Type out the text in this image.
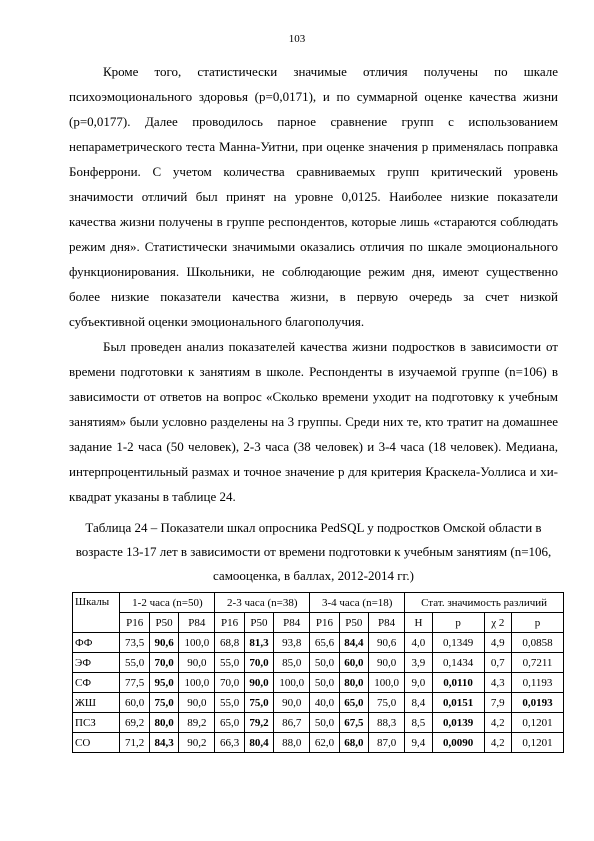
103

Кроме того, статистически значимые отличия получены по шкале психоэмоционального здоровья (р=0,0171), и по суммарной оценке качества жизни (р=0,0177). Далее проводилось парное сравнение групп с использованием непараметрического теста Манна-Уитни, при оценке значения р применялась поправка Бонферрони. С учетом количества сравниваемых групп критический уровень значимости отличий был принят на уровне 0,0125. Наиболее низкие показатели качества жизни получены в группе респондентов, которые лишь «стараются соблюдать режим дня». Статистически значимыми оказались отличия по шкале эмоционального функционирования. Школьники, не соблюдающие режим дня, имеют существенно более низкие показатели качества жизни, в первую очередь за счет низкой субъективной оценки эмоционального благополучия.

Был проведен анализ показателей качества жизни подростков в зависимости от времени подготовки к занятиям в школе. Респонденты в изучаемой группе (n=106) в зависимости от ответов на вопрос «Сколько времени уходит на подготовку к учебным занятиям» были условно разделены на 3 группы. Среди них те, кто тратит на домашнее задание 1-2 часа (50 человек), 2-3 часа (38 человек) и 3-4 часа (18 человек). Медиана, интерпроцентильный размах и точное значение р для критерия Краскела-Уоллиса и хи-квадрат указаны в таблице 24.

Таблица 24 – Показатели шкал опросника PedSQL у подростков Омской области в возрасте 13-17 лет в зависимости от времени подготовки к учебным занятиям (n=106, самооценка, в баллах, 2012-2014 гг.)

Шкалы	1-2 часа (n=50)			2-3 часа (n=38)			3-4 часа (n=18)			Стат. значимость различий			
	P16	P50	P84	P16	P50	P84	P16	P50	P84	H	p	χ 2	p
ФФ	73,5	90,6	100,0	68,8	81,3	93,8	65,6	84,4	90,6	4,0	0,1349	4,9	0,0858
ЭФ	55,0	70,0	90,0	55,0	70,0	85,0	50,0	60,0	90,0	3,9	0,1434	0,7	0,7211
СФ	77,5	95,0	100,0	70,0	90,0	100,0	50,0	80,0	100,0	9,0	0,0110	4,3	0,1193
ЖШ	60,0	75,0	90,0	55,0	75,0	90,0	40,0	65,0	75,0	8,4	0,0151	7,9	0,0193
ПСЗ	69,2	80,0	89,2	65,0	79,2	86,7	50,0	67,5	88,3	8,5	0,0139	4,2	0,1201
СО	71,2	84,3	90,2	66,3	80,4	88,0	62,0	68,0	87,0	9,4	0,0090	4,2	0,1201
